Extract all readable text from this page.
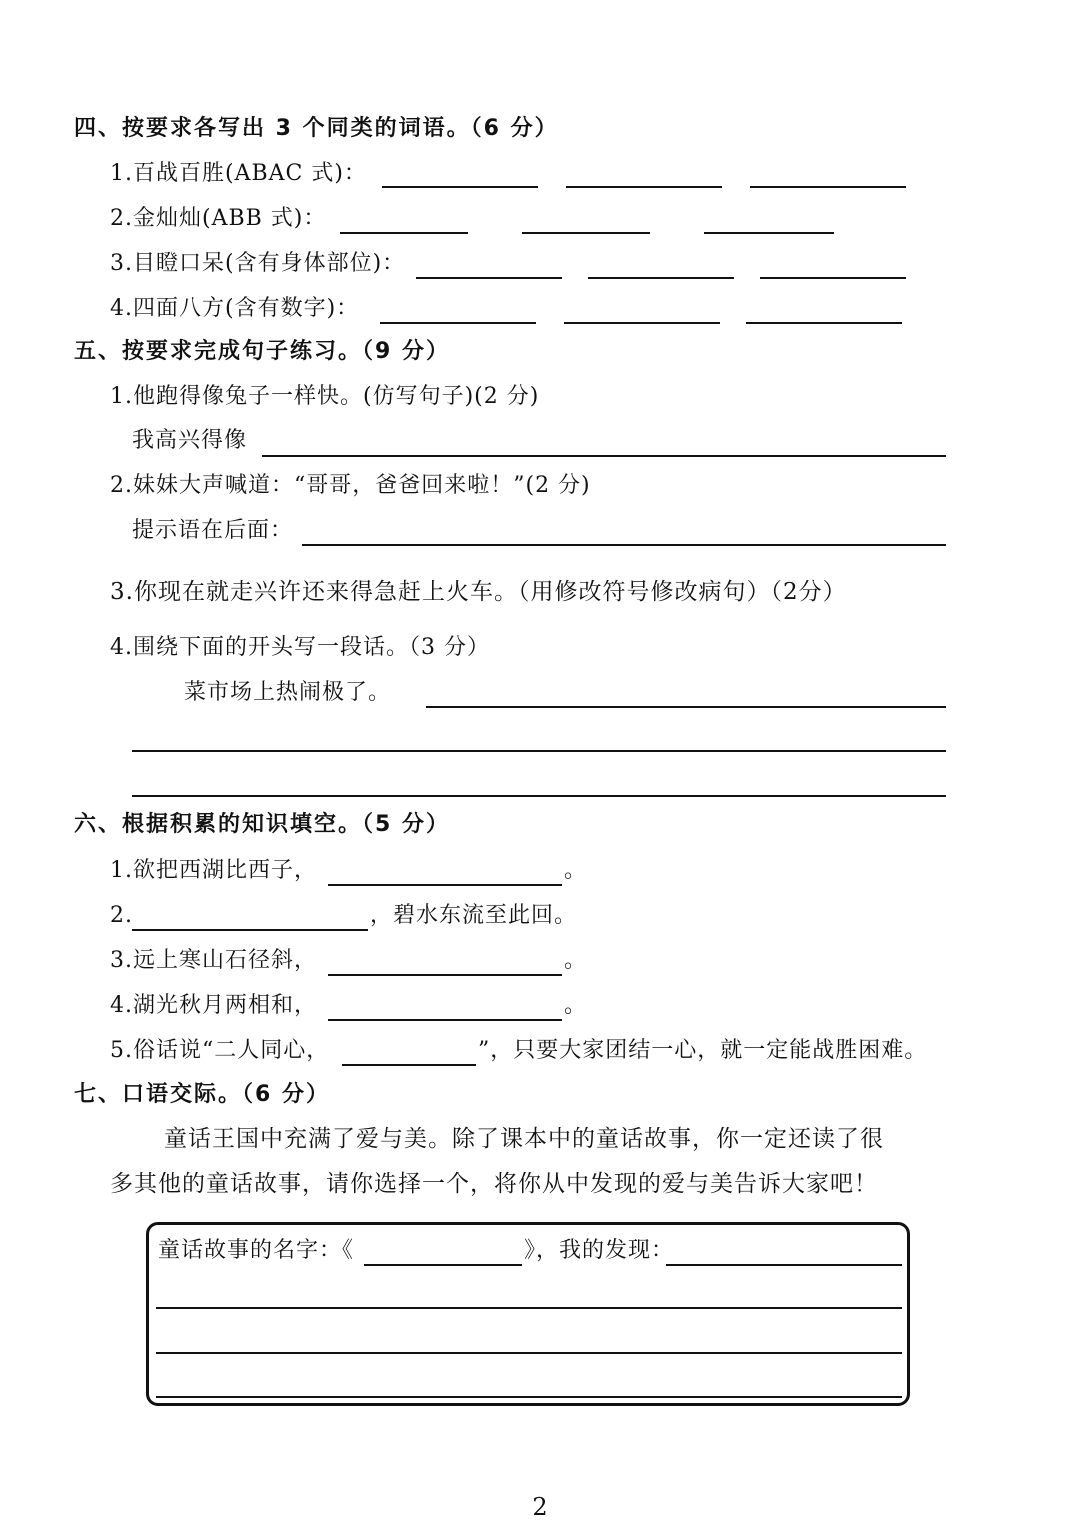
四、按要求各写出 3 个同类的词语。（6 分）
1.百战百胜(ABAC 式)：
2.金灿灿(ABB 式)：
3.目瞪口呆(含有身体部位)：
4.四面八方(含有数字)：
五、按要求完成句子练习。（9 分）
1.他跑得像兔子一样快。(仿写句子)(2 分)
我高兴得像
2.妹妹大声喊道：“哥哥，爸爸回来啦！”(2 分)
提示语在后面：
3.你现在就走兴许还来得急赶上火车。（用修改符号修改病句）（2分）
4.围绕下面的开头写一段话。（3 分）
菜市场上热闹极了。
六、根据积累的知识填空。（5 分）
1.欲把西湖比西子，	。
2.	，碧水东流至此回。
3.远上寒山石径斜，	。
4.湖光秋月两相和，	。
5.俗话说“二人同心，	”，只要大家团结一心，就一定能战胜困难。
七、口语交际。（6 分）
童话王国中充满了爱与美。除了课本中的童话故事，你一定还读了很
多其他的童话故事，请你选择一个，将你从中发现的爱与美告诉大家吧！
童话故事的名字：《	》，我的发现：
2
